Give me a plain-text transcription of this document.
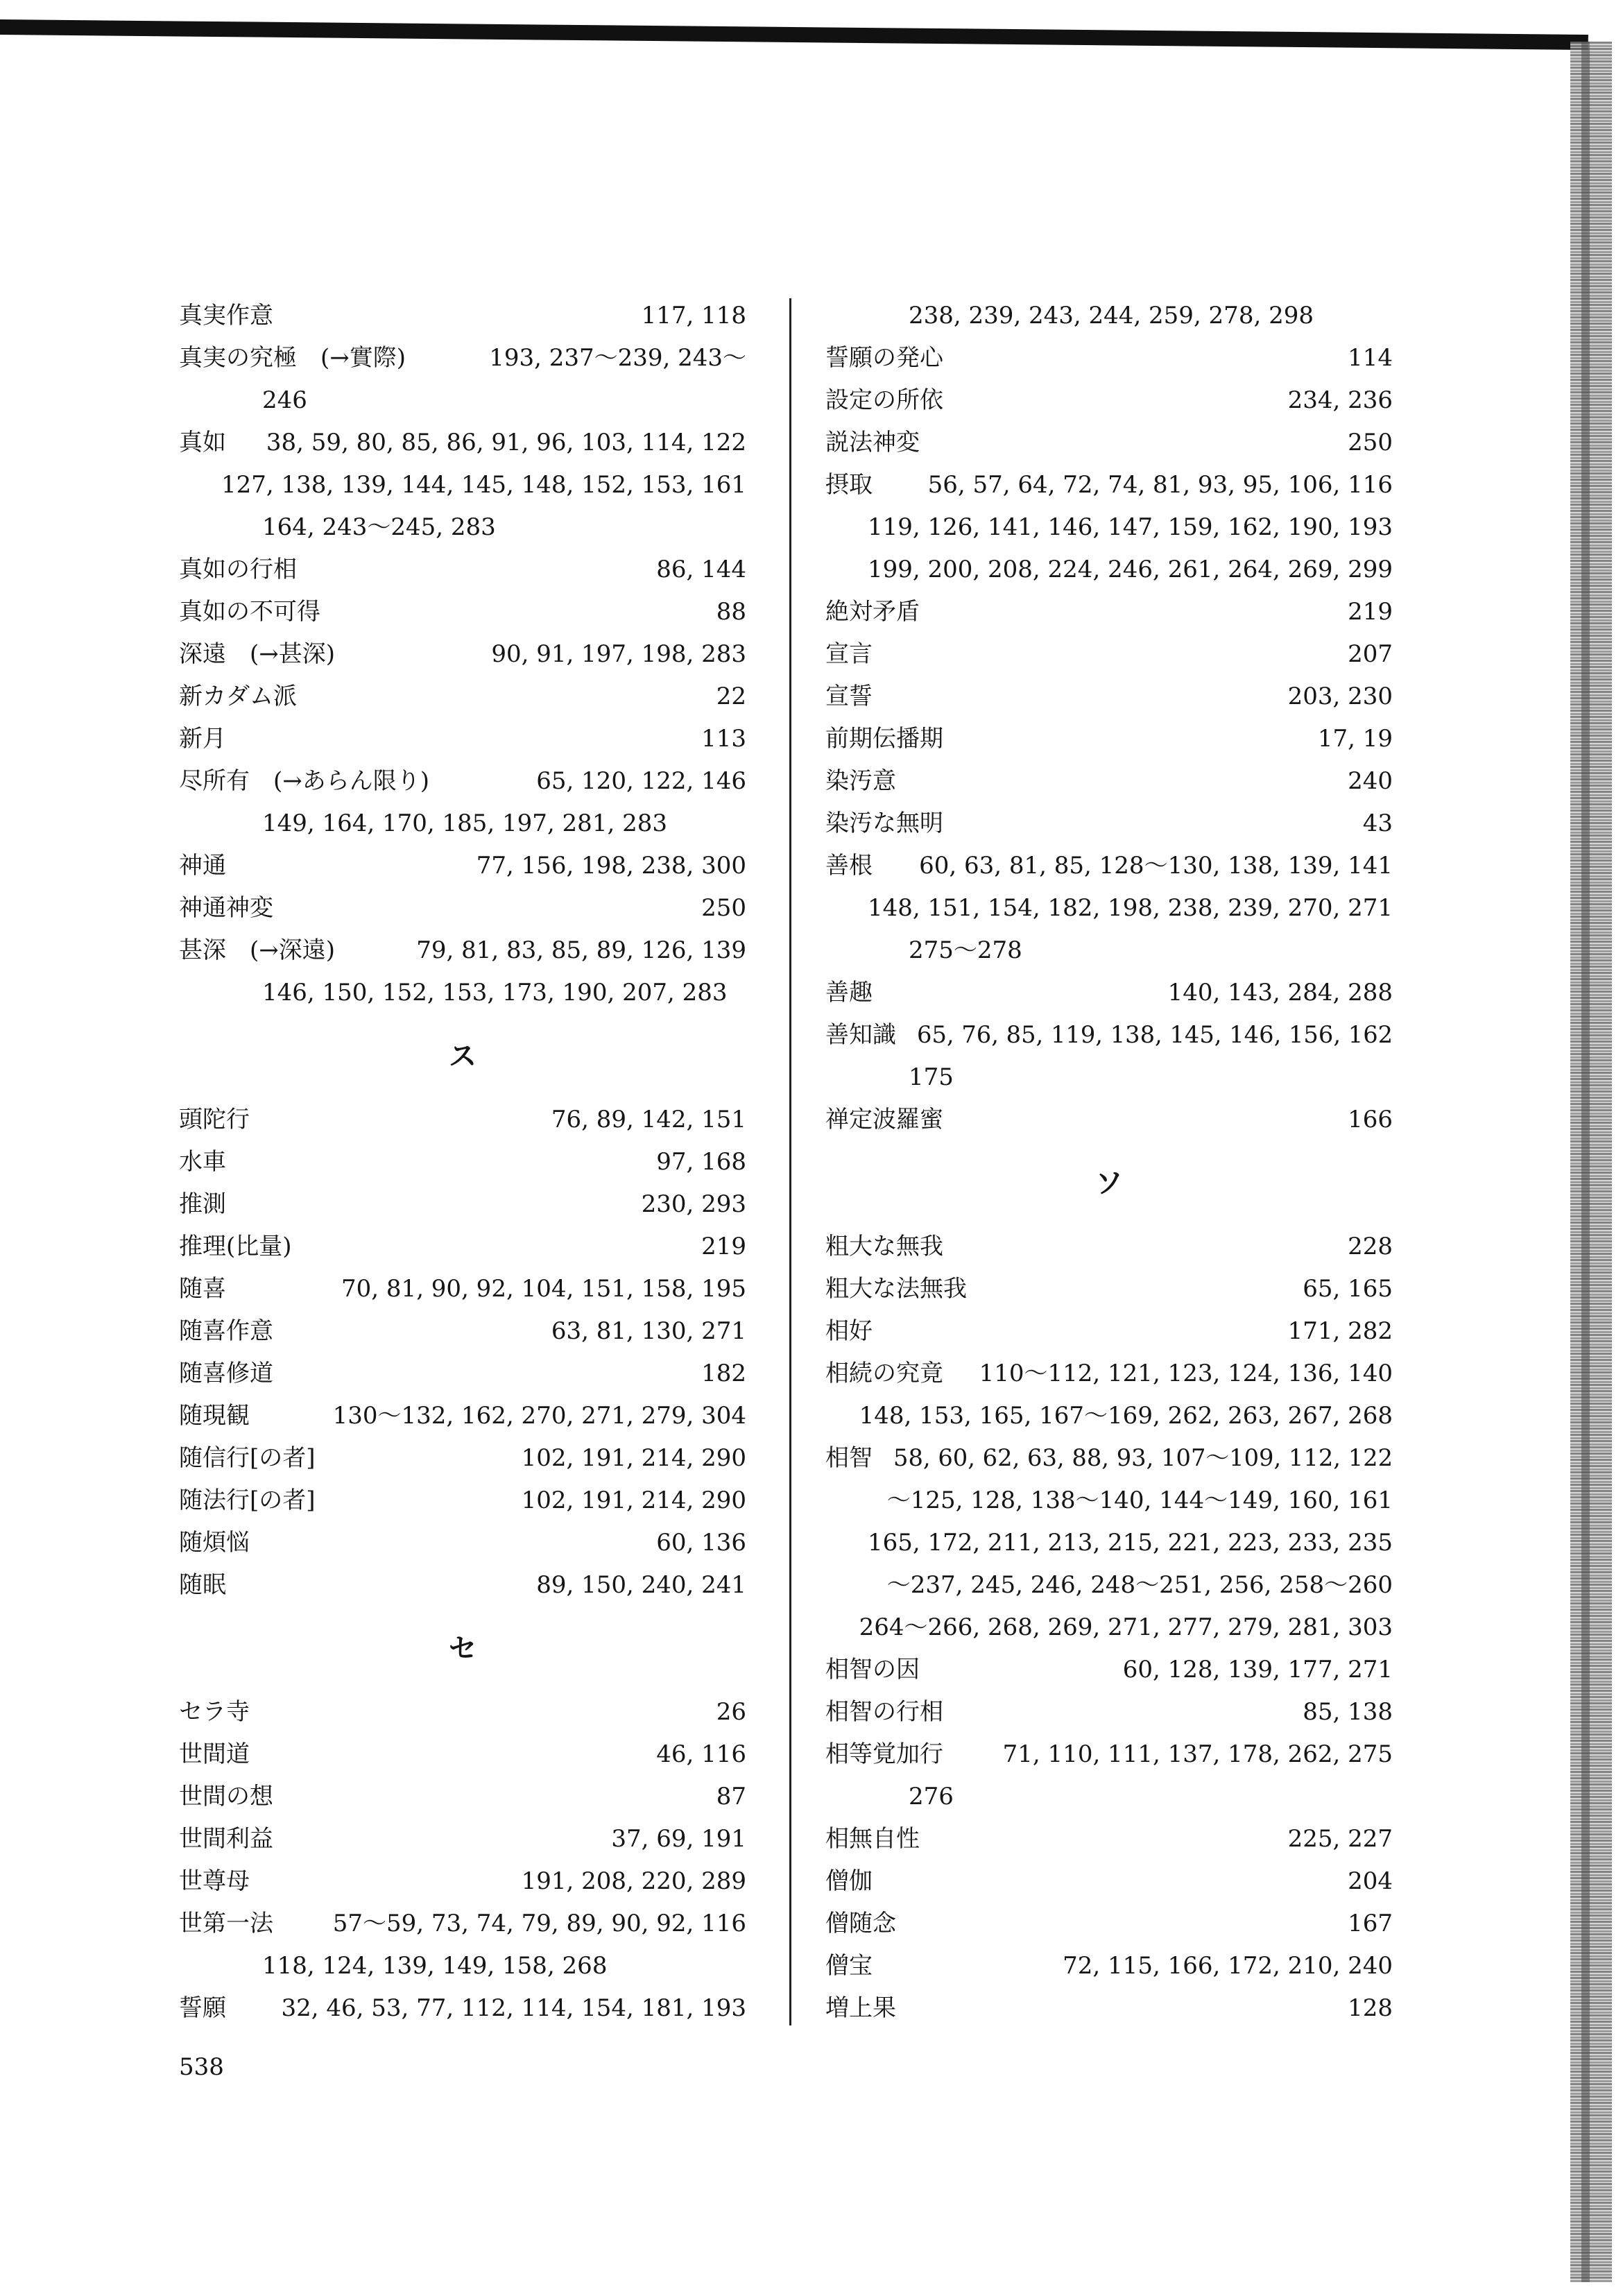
真実作意	117, 118
真実の究極　(→實際)	193, 237～239, 243～
246
真如 38, 59, 80, 85, 86, 91, 96, 103, 114, 122
127, 138, 139, 144, 145, 148, 152, 153, 161
164, 243～245, 283
真如の行相	86, 144
真如の不可得	88
深遠　(→甚深)	90, 91, 197, 198, 283
新カダム派	22
新月	113
尽所有　(→あらん限り)	65, 120, 122, 146
149, 164, 170, 185, 197, 281, 283
神通	77, 156, 198, 238, 300
神通神変	250
甚深　(→深遠)	79, 81, 83, 85, 89, 126, 139
146, 150, 152, 153, 173, 190, 207, 283
ス
頭陀行	76, 89, 142, 151
水車	97, 168
推測	230, 293
推理(比量)	219
随喜	70, 81, 90, 92, 104, 151, 158, 195
随喜作意	63, 81, 130, 271
随喜修道	182
随現観	130～132, 162, 270, 271, 279, 304
随信行[の者]	102, 191, 214, 290
随法行[の者]	102, 191, 214, 290
随煩悩	60, 136
随眠	89, 150, 240, 241
セ
セラ寺	26
世間道	46, 116
世間の想	87
世間利益	37, 69, 191
世尊母	191, 208, 220, 289
世第一法	57～59, 73, 74, 79, 89, 90, 92, 116
118, 124, 139, 149, 158, 268
誓願 32, 46, 53, 77, 112, 114, 154, 181, 193
238, 239, 243, 244, 259, 278, 298
誓願の発心	114
設定の所依	234, 236
説法神変	250
摂取 56, 57, 64, 72, 74, 81, 93, 95, 106, 116
119, 126, 141, 146, 147, 159, 162, 190, 193
199, 200, 208, 224, 246, 261, 264, 269, 299
絶対矛盾	219
宣言	207
宣誓	203, 230
前期伝播期	17, 19
染汚意	240
染汚な無明	43
善根 60, 63, 81, 85, 128～130, 138, 139, 141
148, 151, 154, 182, 198, 238, 239, 270, 271
275～278
善趣	140, 143, 284, 288
善知識 65, 76, 85, 119, 138, 145, 146, 156, 162
175
禅定波羅蜜	166
ソ
粗大な無我	228
粗大な法無我	65, 165
相好	171, 282
相続の究竟 110～112, 121, 123, 124, 136, 140
148, 153, 165, 167～169, 262, 263, 267, 268
相智 58, 60, 62, 63, 88, 93, 107～109, 112, 122
～125, 128, 138～140, 144～149, 160, 161
165, 172, 211, 213, 215, 221, 223, 233, 235
～237, 245, 246, 248～251, 256, 258～260
264～266, 268, 269, 271, 277, 279, 281, 303
相智の因	60, 128, 139, 177, 271
相智の行相	85, 138
相等覚加行	71, 110, 111, 137, 178, 262, 275
276
相無自性	225, 227
僧伽	204
僧随念	167
僧宝	72, 115, 166, 172, 210, 240
増上果	128
538
